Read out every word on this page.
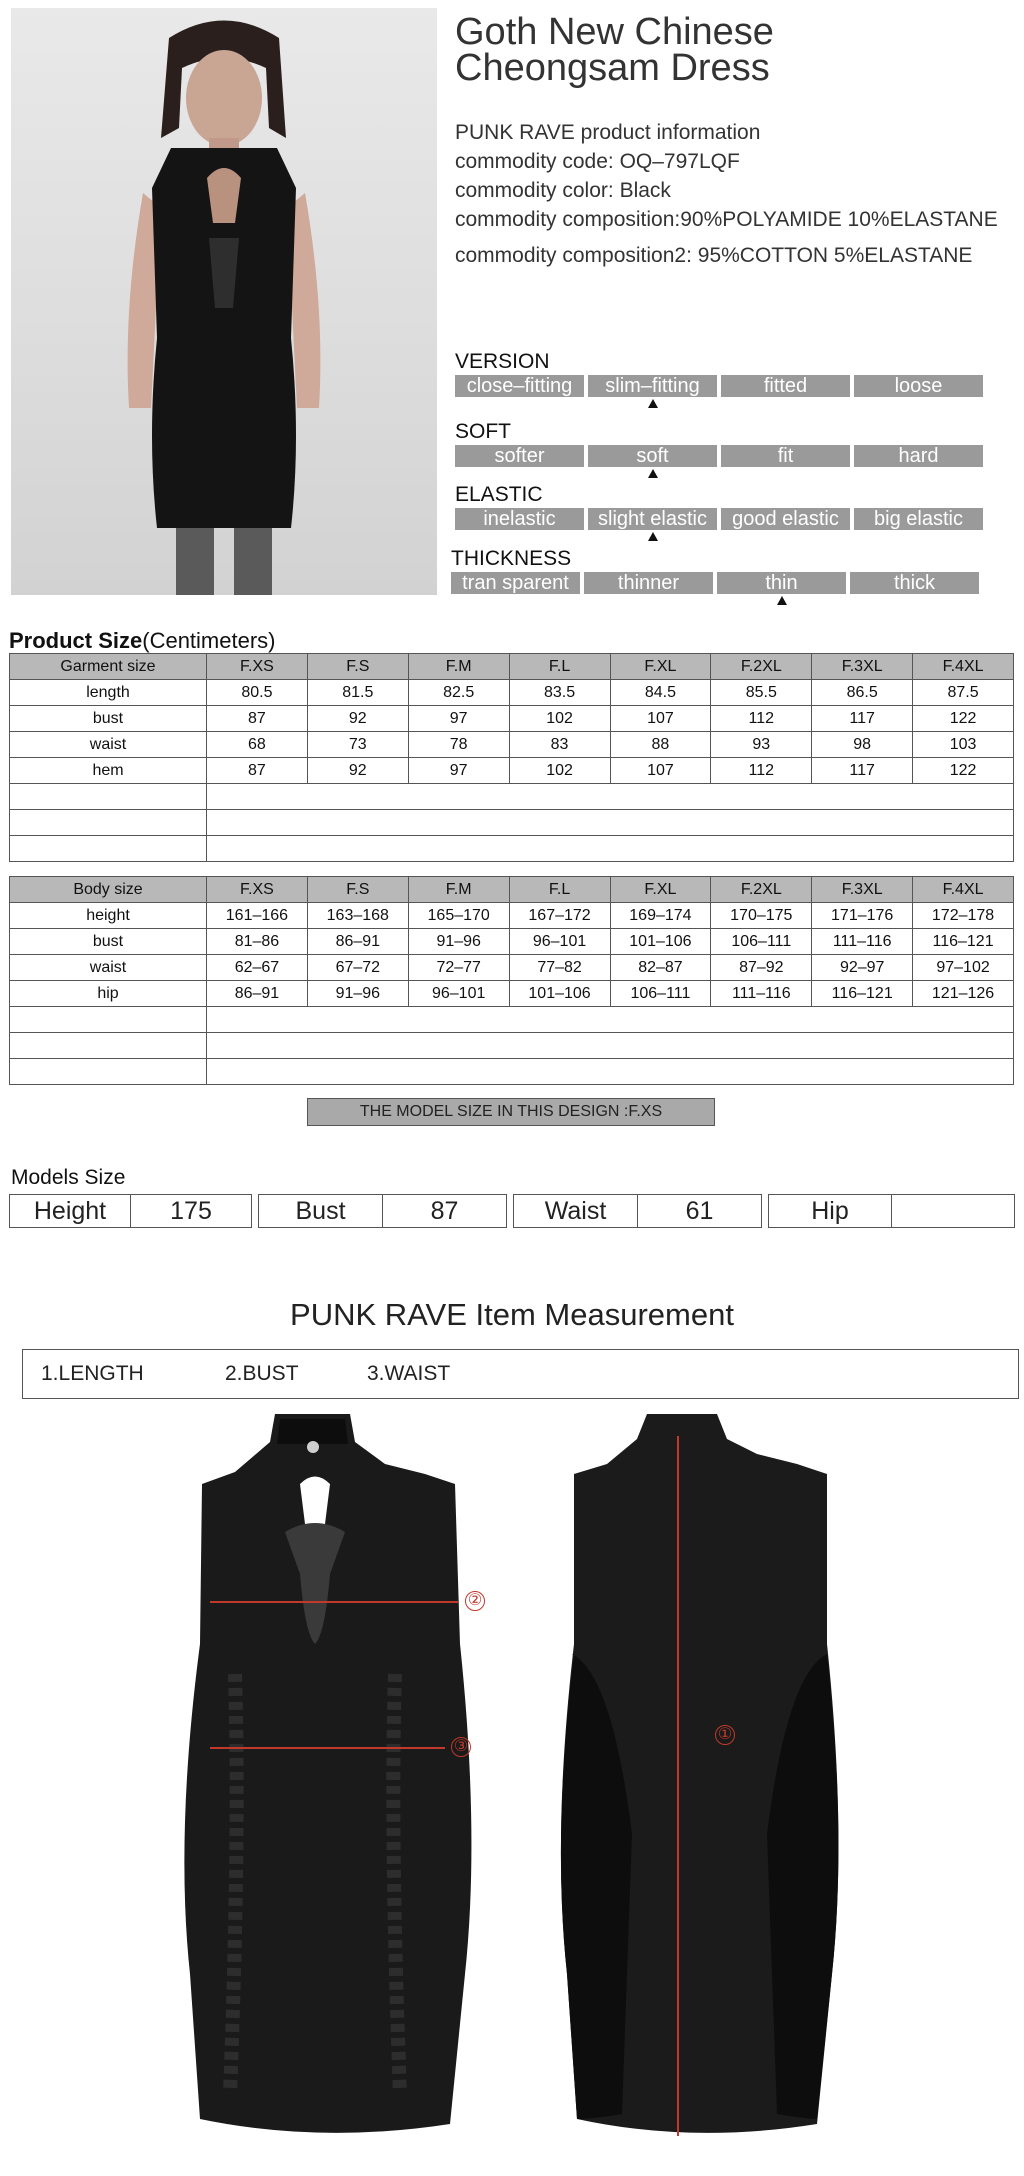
Goth New Chinese
Cheongsam Dress
PUNK RAVE product information
commodity code: OQ–797LQF
commodity color: Black
commodity composition:90%POLYAMIDE 10%ELASTANE
commodity composition2: 95%COTTON 5%ELASTANE
VERSION
close–fitting	slim–fitting	fitted	loose
SOFT
softer	soft	fit	hard
ELASTIC
inelastic	slight elastic	good elastic	big elastic
THICKNESS
tran sparent	thinner	thin	thick
Product Size(Centimeters)
Garment size	F.XS	F.S	F.M	F.L	F.XL	F.2XL	F.3XL	F.4XL
length	80.5	81.5	82.5	83.5	84.5	85.5	86.5	87.5
bust	87	92	97	102	107	112	117	122
waist	68	73	78	83	88	93	98	103
hem	87	92	97	102	107	112	117	122

Body size	F.XS	F.S	F.M	F.L	F.XL	F.2XL	F.3XL	F.4XL
height	161–166	163–168	165–170	167–172	169–174	170–175	171–176	172–178
bust	81–86	86–91	91–96	96–101	101–106	106–111	111–116	116–121
waist	62–67	67–72	72–77	77–82	82–87	87–92	92–97	97–102
hip	86–91	91–96	96–101	101–106	106–111	111–116	116–121	121–126

THE MODEL SIZE IN THIS DESIGN :F.XS
Models Size
Height	175	Bust	87	Waist	61	Hip
PUNK RAVE Item Measurement
1.LENGTH	2.BUST	3.WAIST
②
③
①
